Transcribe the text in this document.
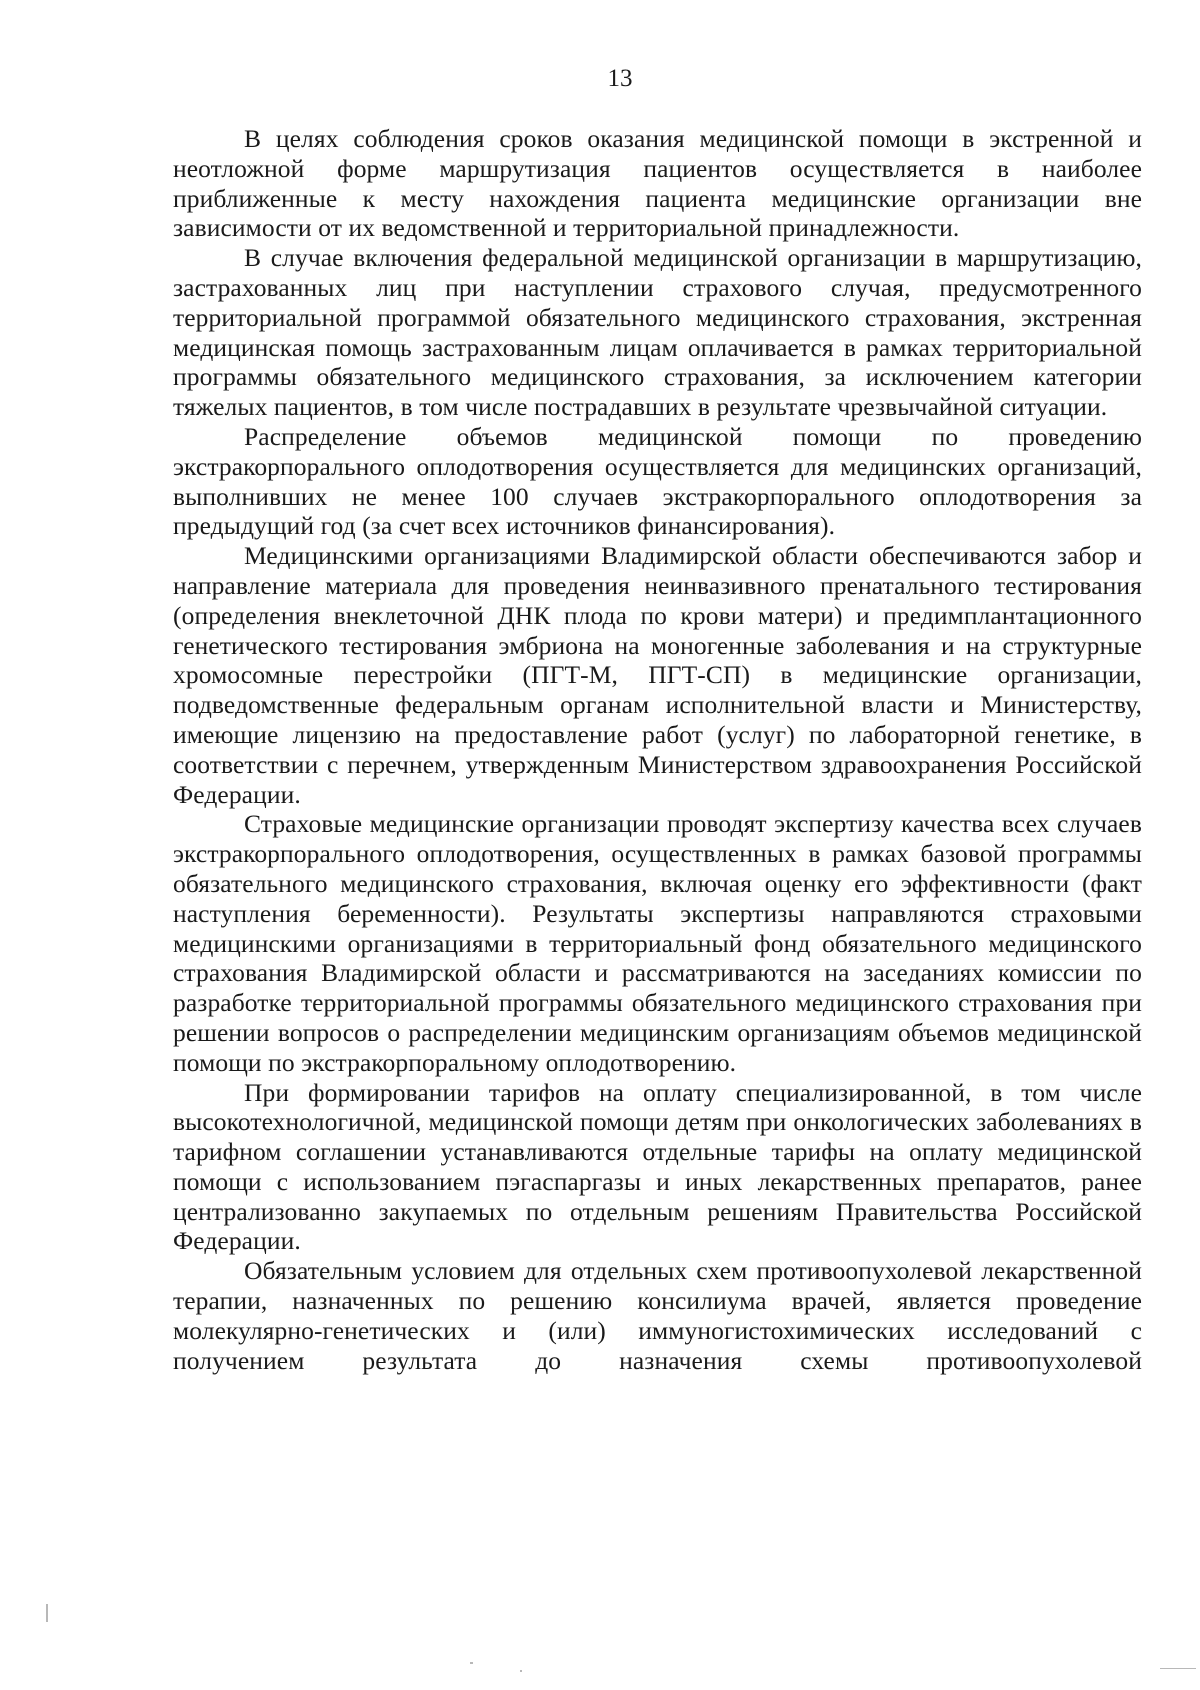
13

В целях соблюдения сроков оказания медицинской помощи в экстренной и неотложной форме маршрутизация пациентов осуществляется в наиболее приближенные к месту нахождения пациента медицинские организации вне зависимости от их ведомственной и территориальной принадлежности.

В случае включения федеральной медицинской организации в маршрутизацию, застрахованных лиц при наступлении страхового случая, предусмотренного территориальной программой обязательного медицинского страхования, экстренная медицинская помощь застрахованным лицам оплачивается в рамках территориальной программы обязательного медицинского страхования, за исключением категории тяжелых пациентов, в том числе пострадавших в результате чрезвычайной ситуации.

Распределение объемов медицинской помощи по проведению экстракорпорального оплодотворения осуществляется для медицинских организаций, выполнивших не менее 100 случаев экстракорпорального оплодотворения за предыдущий год (за счет всех источников финансирования).

Медицинскими организациями Владимирской области обеспечиваются забор и направление материала для проведения неинвазивного пренатального тестирования (определения внеклеточной ДНК плода по крови матери) и предимплантационного генетического тестирования эмбриона на моногенные заболевания и на структурные хромосомные перестройки (ПГТ-М, ПГТ-СП) в медицинские организации, подведомственные федеральным органам исполнительной власти и Министерству, имеющие лицензию на предоставление работ (услуг) по лабораторной генетике, в соответствии с перечнем, утвержденным Министерством здравоохранения Российской Федерации.

Страховые медицинские организации проводят экспертизу качества всех случаев экстракорпорального оплодотворения, осуществленных в рамках базовой программы обязательного медицинского страхования, включая оценку его эффективности (факт наступления беременности). Результаты экспертизы направляются страховыми медицинскими организациями в территориальный фонд обязательного медицинского страхования Владимирской области и рассматриваются на заседаниях комиссии по разработке территориальной программы обязательного медицинского страхования при решении вопросов о распределении медицинским организациям объемов медицинской помощи по экстракорпоральному оплодотворению.

При формировании тарифов на оплату специализированной, в том числе высокотехнологичной, медицинской помощи детям при онкологических заболеваниях в тарифном соглашении устанавливаются отдельные тарифы на оплату медицинской помощи с использованием пэгаспаргазы и иных лекарственных препаратов, ранее централизованно закупаемых по отдельным решениям Правительства Российской Федерации.

Обязательным условием для отдельных схем противоопухолевой лекарственной терапии, назначенных по решению консилиума врачей, является проведение молекулярно-генетических и (или) иммуногистохимических исследований с получением результата до назначения схемы противоопухолевой
